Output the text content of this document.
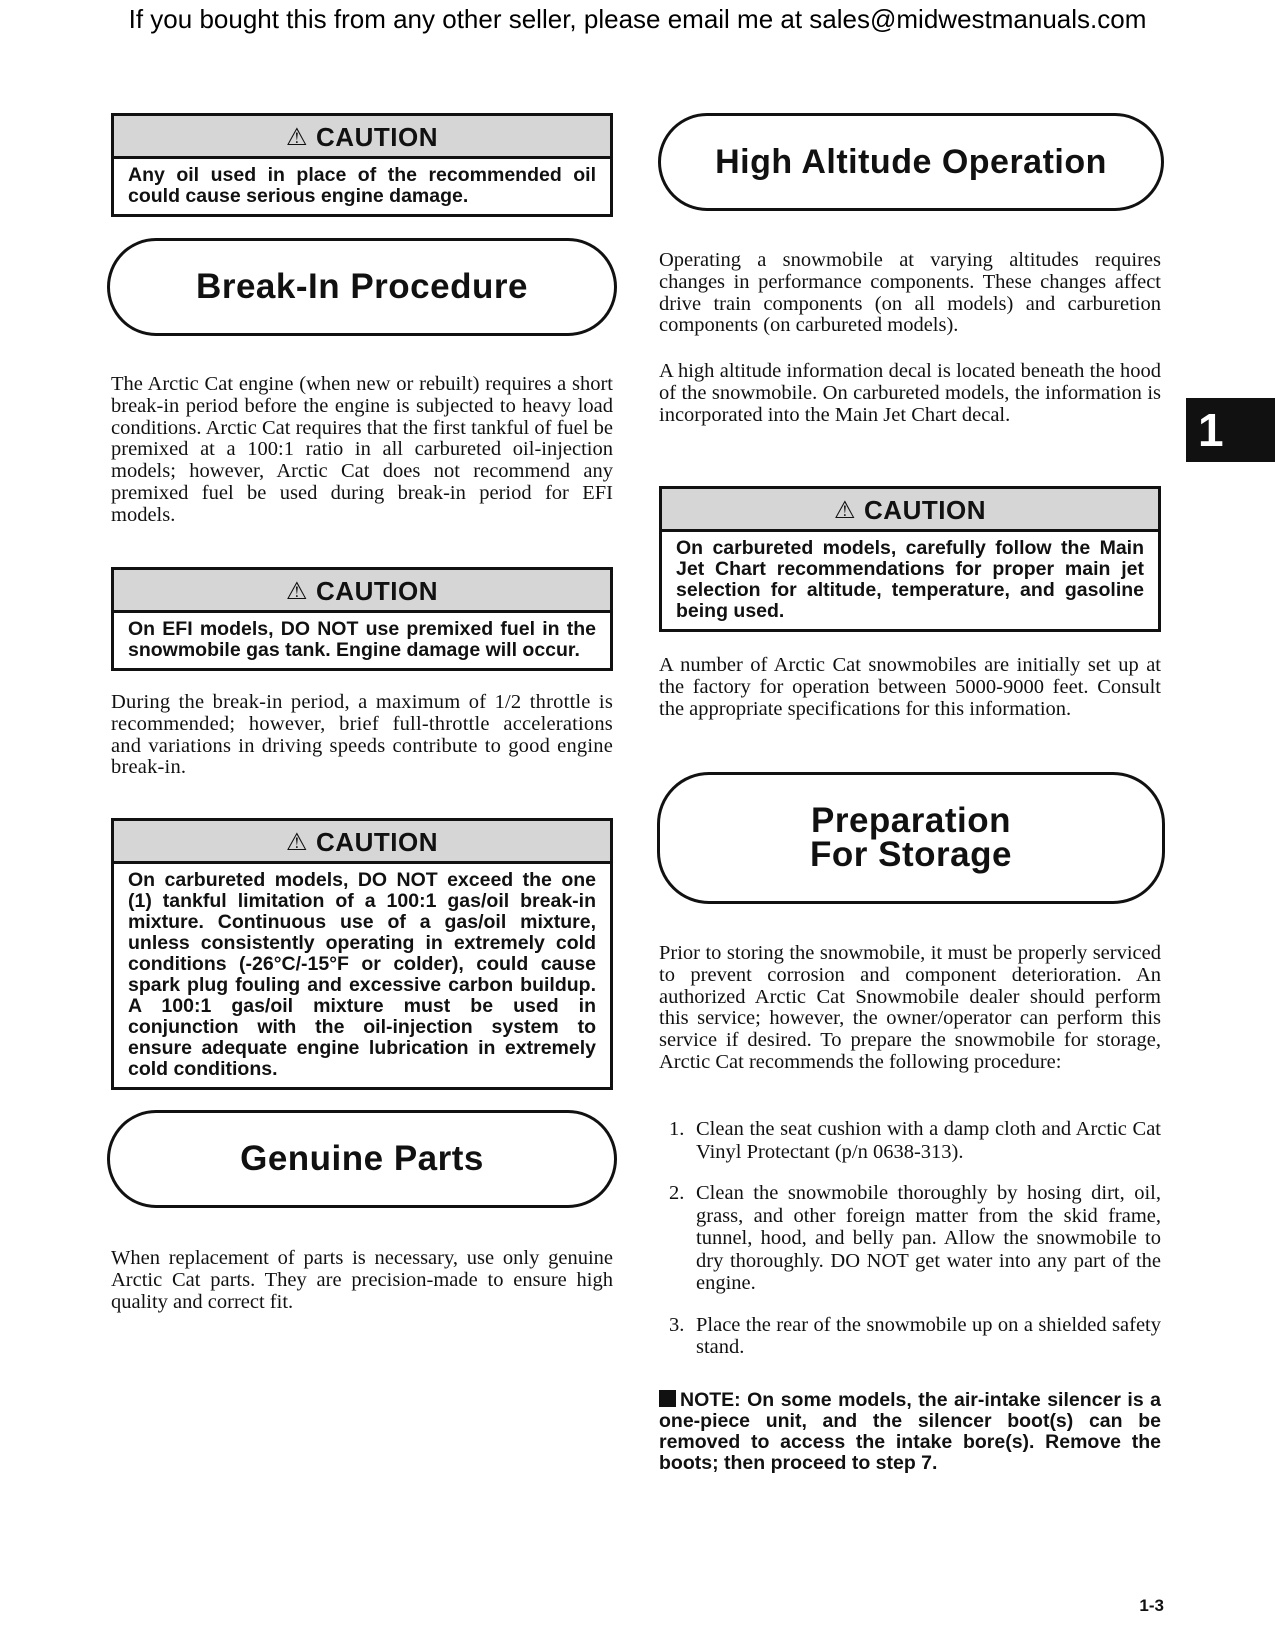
If you bought this from any other seller, please email me at sales@midwestmanuals.com
⚠ CAUTION
Any oil used in place of the recommended oil could cause serious engine damage.
Break-In Procedure

The Arctic Cat engine (when new or rebuilt) requires a short break-in period before the engine is subjected to heavy load conditions. Arctic Cat requires that the first tankful of fuel be premixed at a 100:1 ratio in all carbureted oil-injection models; however, Arctic Cat does not recommend any premixed fuel be used during break-in period for EFI models.

⚠ CAUTION
On EFI models, DO NOT use premixed fuel in the snowmobile gas tank. Engine damage will occur.

During the break-in period, a maximum of 1/2 throttle is recommended; however, brief full-throttle accelerations and variations in driving speeds contribute to good engine break-in.

⚠ CAUTION
On carbureted models, DO NOT exceed the one (1) tankful limitation of a 100:1 gas/oil break-in mixture. Continuous use of a gas/oil mixture, unless consistently operating in extremely cold conditions (-26°C/-15°F or colder), could cause spark plug fouling and excessive carbon buildup. A 100:1 gas/oil mixture must be used in conjunction with the oil-injection system to ensure adequate engine lubrication in extremely cold conditions.
Genuine Parts

When replacement of parts is necessary, use only genuine Arctic Cat parts. They are precision-made to ensure high quality and correct fit.

High Altitude Operation

Operating a snowmobile at varying altitudes requires changes in performance components. These changes affect drive train components (on all models) and carburetion components (on carbureted models).

A high altitude information decal is located beneath the hood of the snowmobile. On carbureted models, the information is incorporated into the Main Jet Chart decal.

⚠ CAUTION
On carbureted models, carefully follow the Main Jet Chart recommendations for proper main jet selection for altitude, temperature, and gasoline being used.

A number of Arctic Cat snowmobiles are initially set up at the factory for operation between 5000-9000 feet. Consult the appropriate specifications for this information.

Preparation
For Storage

Prior to storing the snowmobile, it must be properly serviced to prevent corrosion and component deterioration. An authorized Arctic Cat Snowmobile dealer should perform this service; however, the owner/operator can perform this service if desired. To prepare the snowmobile for storage, Arctic Cat recommends the following procedure:

1. Clean the seat cushion with a damp cloth and Arctic Cat Vinyl Protectant (p/n 0638-313).
2. Clean the snowmobile thoroughly by hosing dirt, oil, grass, and other foreign matter from the skid frame, tunnel, hood, and belly pan. Allow the snowmobile to dry thoroughly. DO NOT get water into any part of the engine.
3. Place the rear of the snowmobile up on a shielded safety stand.
NOTE: On some models, the air-intake silencer is a one-piece unit, and the silencer boot(s) can be removed to access the intake bore(s). Remove the boots; then proceed to step 7.
1
1-3
